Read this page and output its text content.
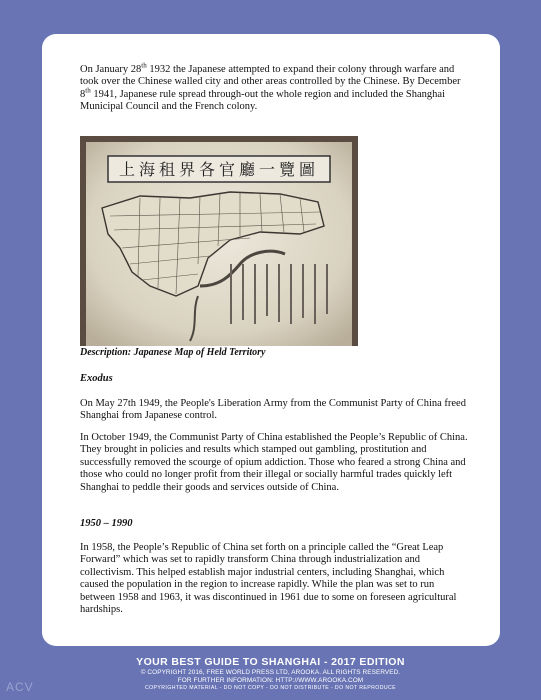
On January 28th 1932 the Japanese attempted to expand their colony through warfare and took over the Chinese walled city and other areas controlled by the Chinese. By December 8th 1941, Japanese rule spread through-out the whole region and included the Shanghai Municipal Council and the French colony.

上海租界各官廳一覽圖

Description: Japanese Map of Held Territory

Exodus

On May 27th 1949, the People's Liberation Army from the Communist Party of China freed Shanghai from Japanese control.

In October 1949, the Communist Party of China established the People’s Republic of China. They brought in policies and results which stamped out gambling, prostitution and successfully removed the scourge of opium addiction. Those who feared a strong China and those who could no longer profit from their illegal or socially harmful trades quickly left Shanghai to peddle their goods and services outside of China.

1950 – 1990

In 1958, the People’s Republic of China set forth on a principle called the “Great Leap Forward” which was set to rapidly transform China through industrialization and collectivism. This helped establish major industrial centers, including Shanghai, which caused the population in the region to increase rapidly. While the plan was set to run between 1958 and 1963, it was discontinued in 1961 due to some on foreseen agricultural hardships.

YOUR BEST GUIDE TO SHANGHAI - 2017 EDITION
© COPYRIGHT 2016, FREE WORLD PRESS LTD, AROOKA. ALL RIGHTS RESERVED.
FOR FURTHER INFORMATION: HTTP://WWW.AROOKA.COM
COPYRIGHTED MATERIAL - DO NOT COPY - DO NOT DISTRIBUTE - DO NOT REPRODUCE
ACV
